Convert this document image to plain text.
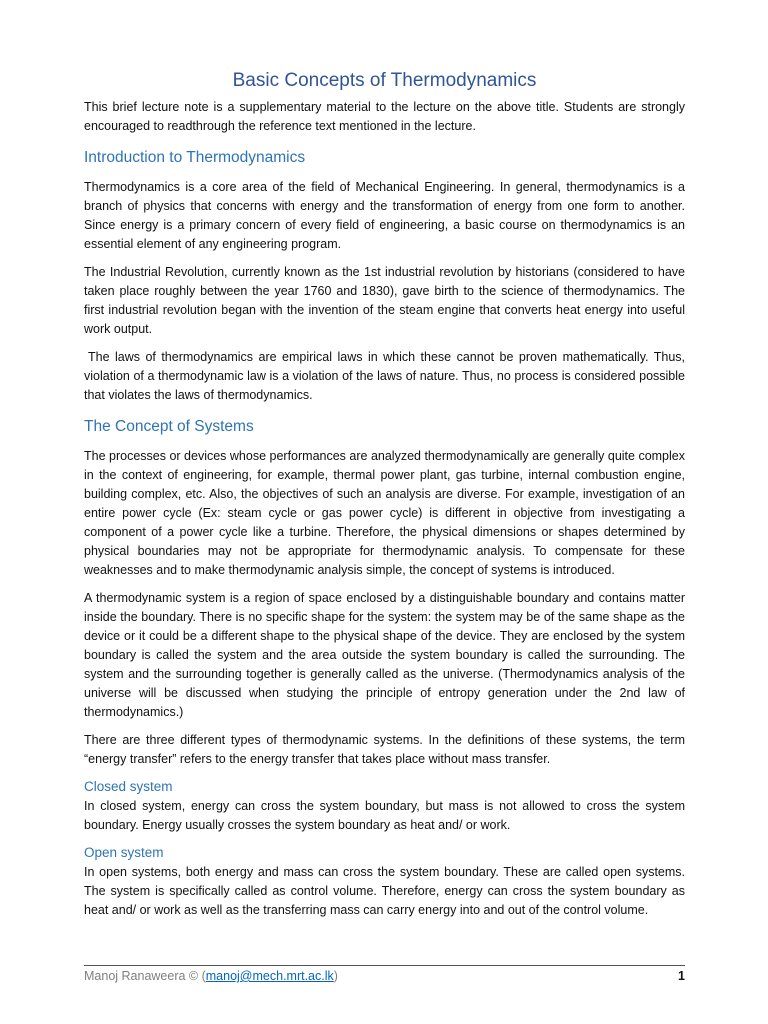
Basic Concepts of Thermodynamics

This brief lecture note is a supplementary material to the lecture on the above title. Students are strongly encouraged to readthrough the reference text mentioned in the lecture.

Introduction to Thermodynamics

Thermodynamics is a core area of the field of Mechanical Engineering. In general, thermodynamics is a branch of physics that concerns with energy and the transformation of energy from one form to another. Since energy is a primary concern of every field of engineering, a basic course on thermodynamics is an essential element of any engineering program.

The Industrial Revolution, currently known as the 1st industrial revolution by historians (considered to have taken place roughly between the year 1760 and 1830), gave birth to the science of thermodynamics. The first industrial revolution began with the invention of the steam engine that converts heat energy into useful work output.

The laws of thermodynamics are empirical laws in which these cannot be proven mathematically. Thus, violation of a thermodynamic law is a violation of the laws of nature. Thus, no process is considered possible that violates the laws of thermodynamics.

The Concept of Systems

The processes or devices whose performances are analyzed thermodynamically are generally quite complex in the context of engineering, for example, thermal power plant, gas turbine, internal combustion engine, building complex, etc. Also, the objectives of such an analysis are diverse. For example, investigation of an entire power cycle (Ex: steam cycle or gas power cycle) is different in objective from investigating a component of a power cycle like a turbine. Therefore, the physical dimensions or shapes determined by physical boundaries may not be appropriate for thermodynamic analysis. To compensate for these weaknesses and to make thermodynamic analysis simple, the concept of systems is introduced.

A thermodynamic system is a region of space enclosed by a distinguishable boundary and contains matter inside the boundary. There is no specific shape for the system: the system may be of the same shape as the device or it could be a different shape to the physical shape of the device. They are enclosed by the system boundary is called the system and the area outside the system boundary is called the surrounding. The system and the surrounding together is generally called as the universe. (Thermodynamics analysis of the universe will be discussed when studying the principle of entropy generation under the 2nd law of thermodynamics.)

There are three different types of thermodynamic systems. In the definitions of these systems, the term “energy transfer” refers to the energy transfer that takes place without mass transfer.

Closed system

In closed system, energy can cross the system boundary, but mass is not allowed to cross the system boundary. Energy usually crosses the system boundary as heat and/ or work.

Open system

In open systems, both energy and mass can cross the system boundary. These are called open systems. The system is specifically called as control volume. Therefore, energy can cross the system boundary as heat and/ or work as well as the transferring mass can carry energy into and out of the control volume.

Manoj Ranaweera © (manoj@mech.mrt.ac.lk)	1
